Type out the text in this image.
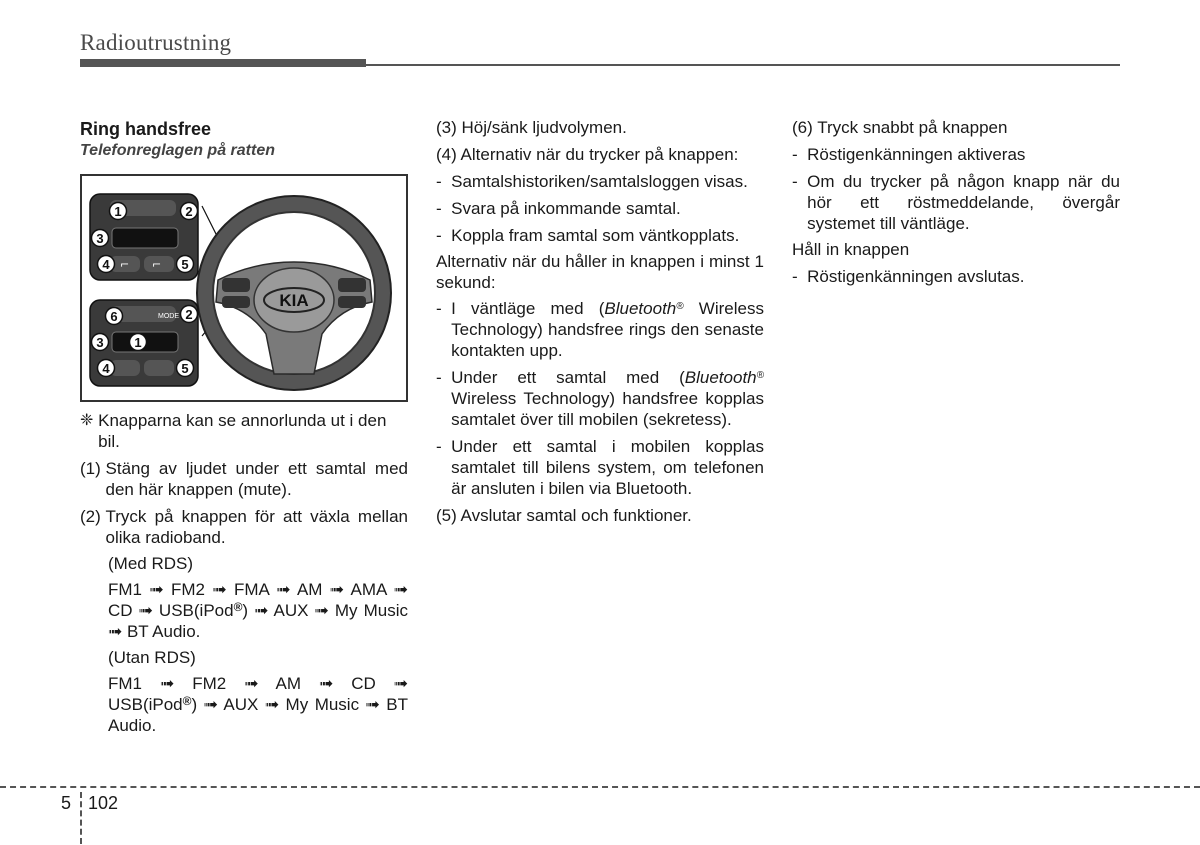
Radioutrustning

Ring handsfree

Telefonreglagen på ratten

KIA
⌐ ⌐
MODE
1	2
3
4	5
6	2
3 1
4	5
❈
Knapparna kan se annorlunda ut i den bil.
(1)
Stäng av ljudet under ett samtal med den här knappen (mute).
(2)
Tryck på knappen för att växla mellan olika radioband.

(Med RDS)

FM1 ➟ FM2 ➟ FMA ➟ AM ➟ AMA ➟ CD ➟ USB(iPod®) ➟ AUX ➟ My Music ➟ BT Audio.

(Utan RDS)

FM1 ➟ FM2 ➟ AM ➟ CD ➟ USB(iPod®) ➟ AUX ➟ My Music ➟ BT Audio.

(3) Höj/sänk ljudvolymen.

(4) Alternativ när du trycker på knappen:

-
Samtalshistoriken/samtalsloggen visas.
-
Svara på inkommande samtal.
-
Koppla fram samtal som väntkopplats.

Alternativ när du håller in knappen i minst 1 sekund:

-
I väntläge med (Bluetooth® Wireless Technology) handsfree rings den senaste kontakten upp.
-
Under ett samtal med (Bluetooth® Wireless Technology) handsfree kopplas samtalet över till mobilen (sekretess).
-
Under ett samtal i mobilen kopplas samtalet till bilens system, om telefonen är ansluten i bilen via Bluetooth.

(5) Avslutar samtal och funktioner.

(6) Tryck snabbt på knappen

-
Röstigenkänningen aktiveras
-
Om du trycker på någon knapp när du hör ett röstmeddelande, övergår systemet till väntläge.

Håll in knappen

-
Röstigenkänningen avslutas.
5 102
